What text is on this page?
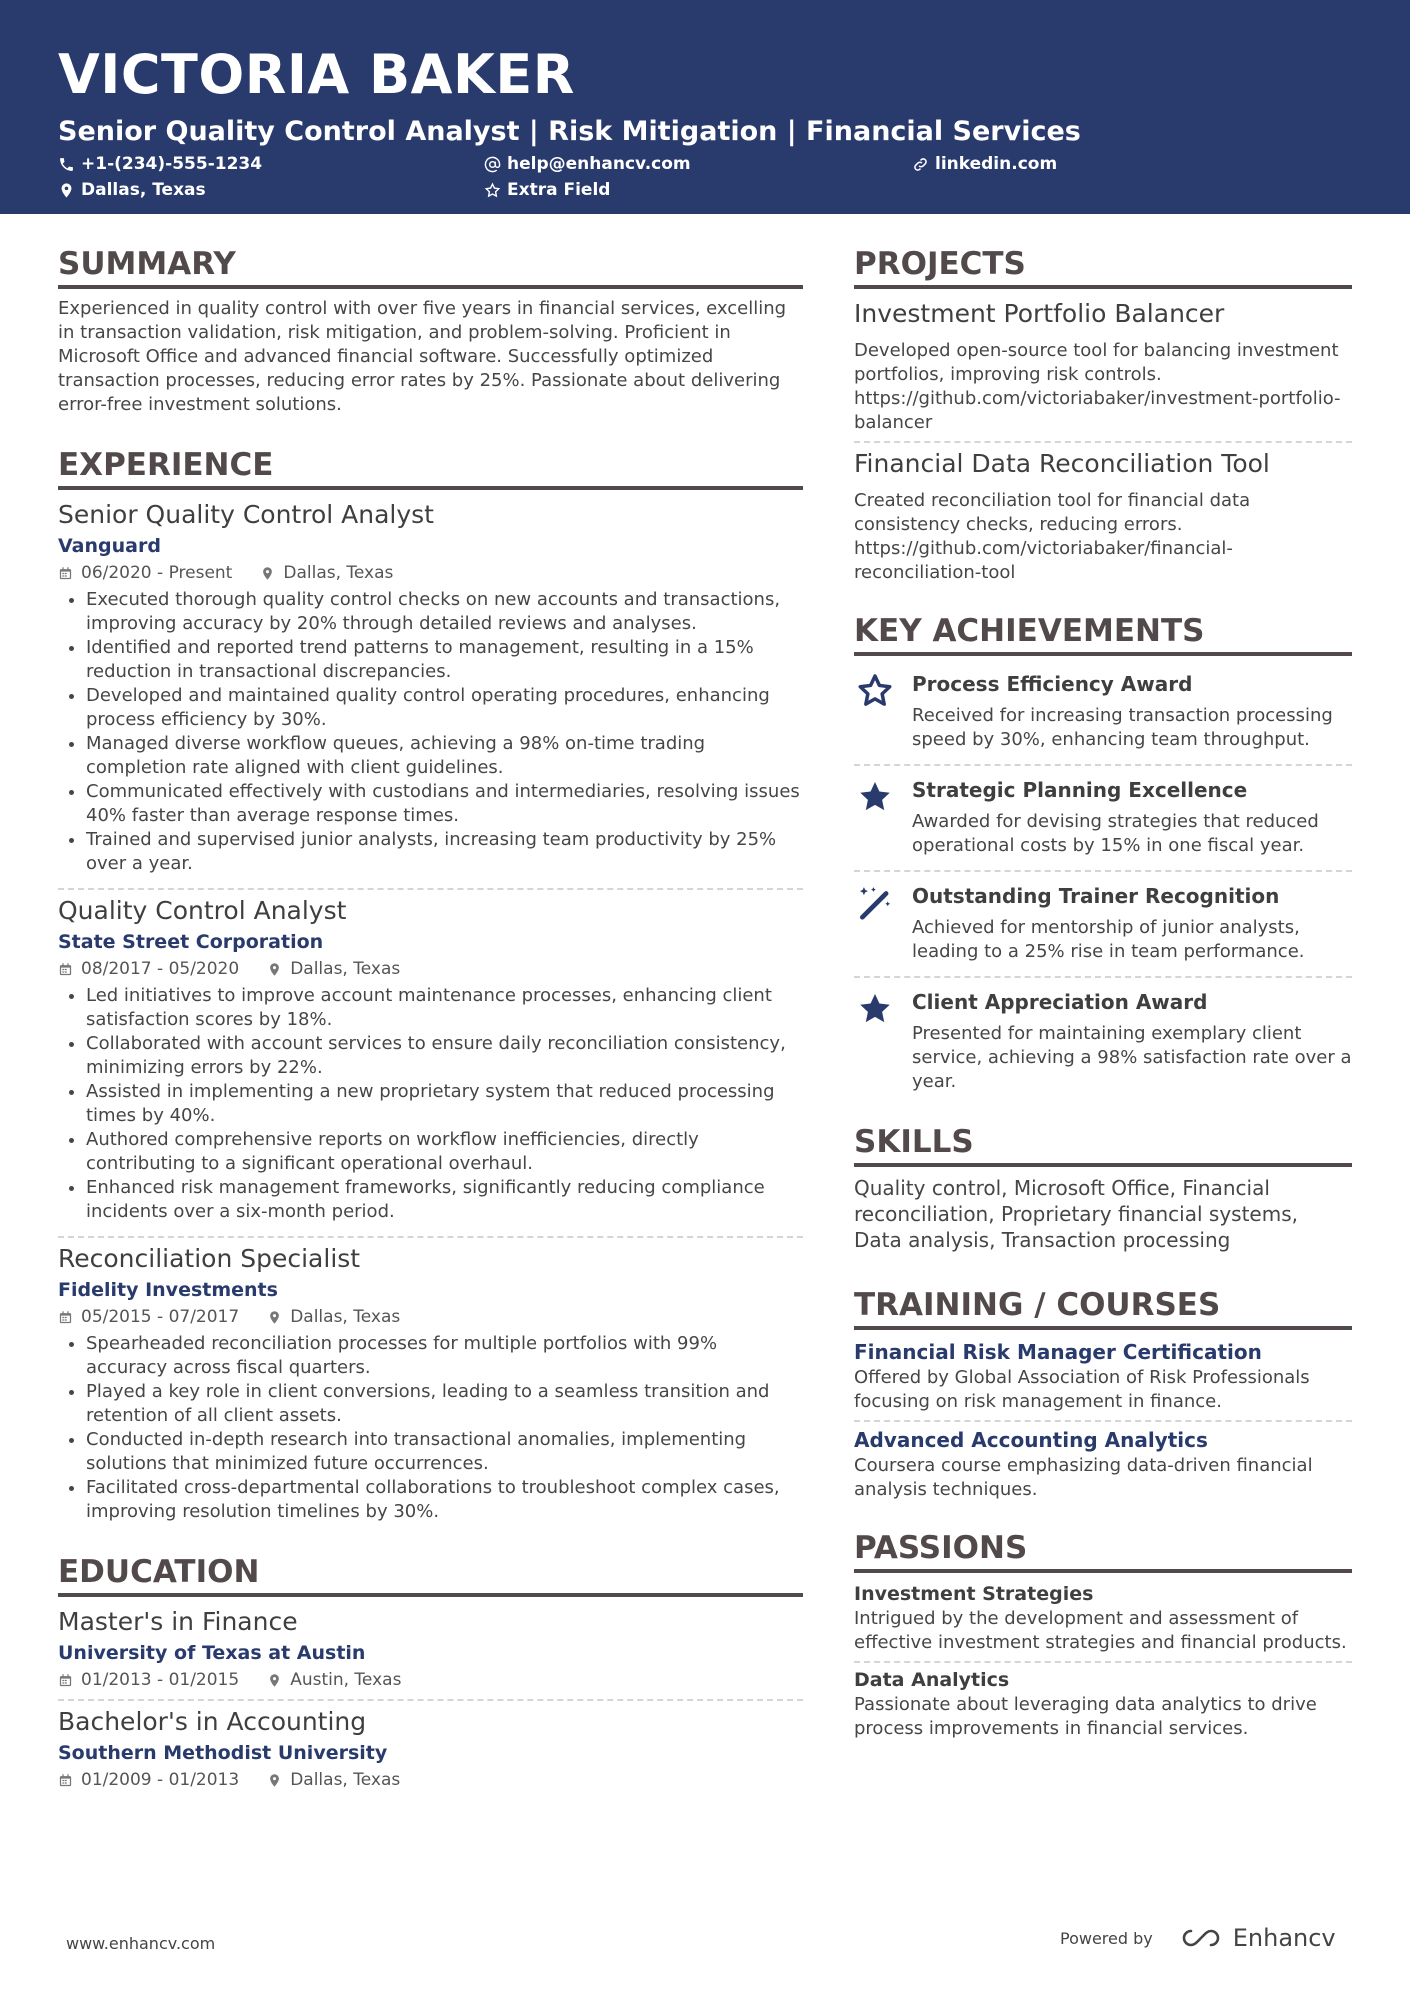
VICTORIA BAKER
Senior Quality Control Analyst | Risk Mitigation | Financial Services
+1-(234)-555-1234	help@enhancv.com	linkedin.com
Dallas, Texas	Extra Field
SUMMARY
Experienced in quality control with over five years in financial services, excelling in transaction validation, risk mitigation, and problem-solving. Proficient in Microsoft Office and advanced financial software. Successfully optimized transaction processes, reducing error rates by 25%. Passionate about delivering error-free investment solutions.
EXPERIENCE
Senior Quality Control Analyst
Vanguard
06/2020 - Present	Dallas, Texas
• Executed thorough quality control checks on new accounts and transactions, improving accuracy by 20% through detailed reviews and analyses.
• Identified and reported trend patterns to management, resulting in a 15% reduction in transactional discrepancies.
• Developed and maintained quality control operating procedures, enhancing process efficiency by 30%.
• Managed diverse workflow queues, achieving a 98% on-time trading completion rate aligned with client guidelines.
• Communicated effectively with custodians and intermediaries, resolving issues 40% faster than average response times.
• Trained and supervised junior analysts, increasing team productivity by 25% over a year.
Quality Control Analyst
State Street Corporation
08/2017 - 05/2020	Dallas, Texas
• Led initiatives to improve account maintenance processes, enhancing client satisfaction scores by 18%.
• Collaborated with account services to ensure daily reconciliation consistency, minimizing errors by 22%.
• Assisted in implementing a new proprietary system that reduced processing times by 40%.
• Authored comprehensive reports on workflow inefficiencies, directly contributing to a significant operational overhaul.
• Enhanced risk management frameworks, significantly reducing compliance incidents over a six-month period.
Reconciliation Specialist
Fidelity Investments
05/2015 - 07/2017	Dallas, Texas
• Spearheaded reconciliation processes for multiple portfolios with 99% accuracy across fiscal quarters.
• Played a key role in client conversions, leading to a seamless transition and retention of all client assets.
• Conducted in-depth research into transactional anomalies, implementing solutions that minimized future occurrences.
• Facilitated cross-departmental collaborations to troubleshoot complex cases, improving resolution timelines by 30%.
EDUCATION
Master's in Finance
University of Texas at Austin
01/2013 - 01/2015	Austin, Texas
Bachelor's in Accounting
Southern Methodist University
01/2009 - 01/2013	Dallas, Texas
PROJECTS
Investment Portfolio Balancer
Developed open-source tool for balancing investment portfolios, improving risk controls. https://github.com/victoriabaker/investment-portfolio-balancer
Financial Data Reconciliation Tool
Created reconciliation tool for financial data consistency checks, reducing errors. https://github.com/victoriabaker/financial-reconciliation-tool
KEY ACHIEVEMENTS
Process Efficiency Award
Received for increasing transaction processing speed by 30%, enhancing team throughput.
Strategic Planning Excellence
Awarded for devising strategies that reduced operational costs by 15% in one fiscal year.
Outstanding Trainer Recognition
Achieved for mentorship of junior analysts, leading to a 25% rise in team performance.
Client Appreciation Award
Presented for maintaining exemplary client service, achieving a 98% satisfaction rate over a year.
SKILLS
Quality control, Microsoft Office, Financial reconciliation, Proprietary financial systems, Data analysis, Transaction processing
TRAINING / COURSES
Financial Risk Manager Certification
Offered by Global Association of Risk Professionals focusing on risk management in finance.
Advanced Accounting Analytics
Coursera course emphasizing data-driven financial analysis techniques.
PASSIONS
Investment Strategies
Intrigued by the development and assessment of effective investment strategies and financial products.
Data Analytics
Passionate about leveraging data analytics to drive process improvements in financial services.
www.enhancv.com	Powered by	Enhancv
